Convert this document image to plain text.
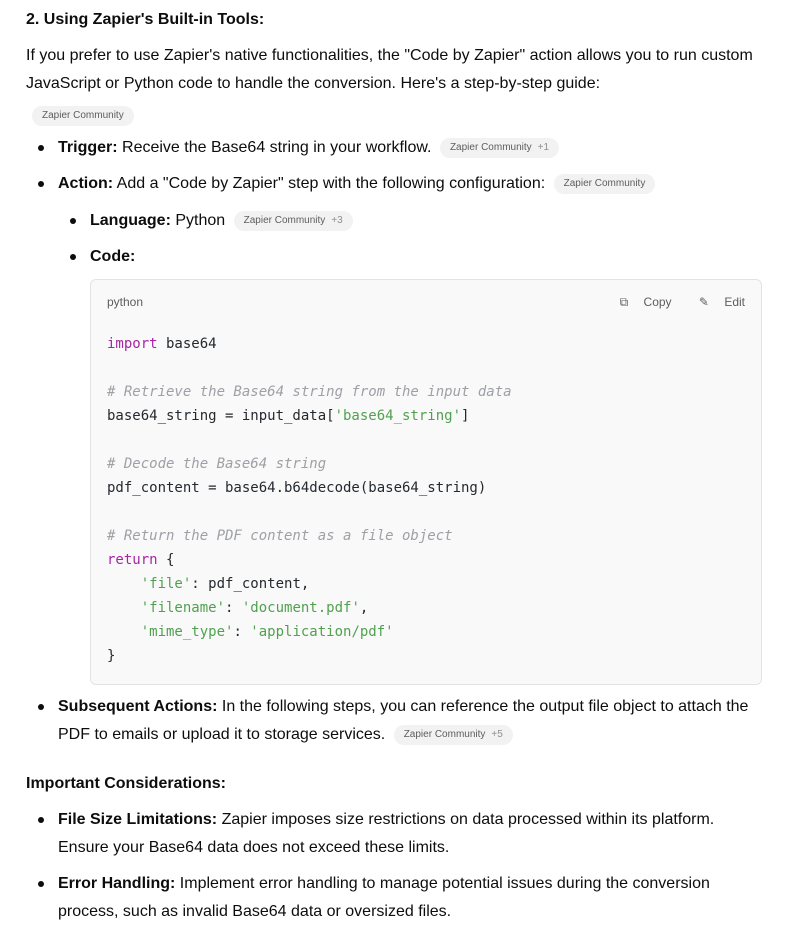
2. Using Zapier's Built-in Tools:
If you prefer to use Zapier's native functionalities, the "Code by Zapier" action allows you to run custom JavaScript or Python code to handle the conversion. Here's a step-by-step guide:
Zapier Community
Trigger: Receive the Base64 string in your workflow. Zapier Community +1
Action: Add a "Code by Zapier" step with the following configuration: Zapier Community
Language: Python Zapier Community +3
Code:
python	⧉ Copy ✎ Edit
import base64

# Retrieve the Base64 string from the input data
base64_string = input_data['base64_string']

# Decode the Base64 string
pdf_content = base64.b64decode(base64_string)

# Return the PDF content as a file object
return {
'file': pdf_content,
'filename': 'document.pdf',
'mime_type': 'application/pdf'
}
Subsequent Actions: In the following steps, you can reference the output file object to attach the PDF to emails or upload it to storage services. Zapier Community +5
Important Considerations:
File Size Limitations: Zapier imposes size restrictions on data processed within its platform. Ensure your Base64 data does not exceed these limits.
Error Handling: Implement error handling to manage potential issues during the conversion process, such as invalid Base64 data or oversized files.
